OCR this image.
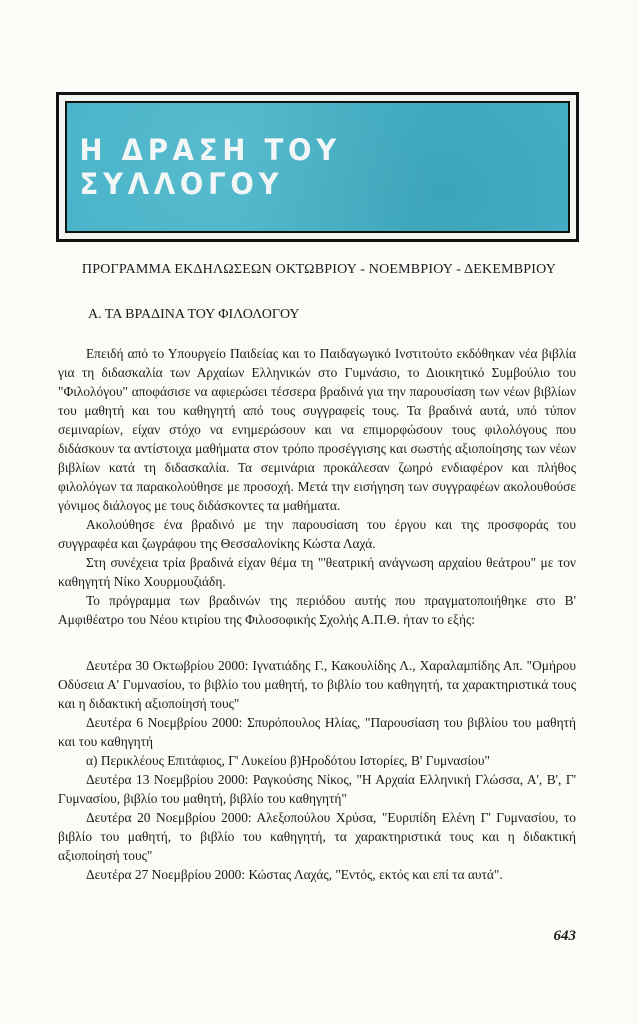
Η ΔΡΑΣΗ ΤΟΥ ΣΥΛΛΟΓΟΥ
ΠΡΟΓΡΑΜΜΑ ΕΚΔΗΛΩΣΕΩΝ ΟΚΤΩΒΡΙΟΥ - ΝΟΕΜΒΡΙΟΥ - ΔΕΚΕΜΒΡΙΟΥ
Α. ΤΑ ΒΡΑΔΙΝΑ ΤΟΥ ΦΙΛΟΛΟΓΟΥ

Επειδή από το Υπουργείο Παιδείας και το Παιδαγωγικό Ινστιτούτο εκδόθηκαν νέα βιβλία για τη διδασκαλία των Αρχαίων Ελληνικών στο Γυμνάσιο, το Διοικητικό Συμβούλιο του "Φιλολόγου" αποφάσισε να αφιερώσει τέσσερα βραδινά για την παρουσίαση των νέων βιβλίων του μαθητή και του καθηγητή από τους συγγραφείς τους. Τα βραδινά αυτά, υπό τύπον σεμιναρίων, είχαν στόχο να ενημερώσουν και να επιμορφώσουν τους φιλολόγους που διδάσκουν τα αντίστοιχα μαθήματα στον τρόπο προσέγγισης και σωστής αξιοποίησης των νέων βιβλίων κατά τη διδασκαλία. Τα σεμινάρια προκάλεσαν ζωηρό ενδιαφέρον και πλήθος φιλολόγων τα παρακολούθησε με προσοχή. Μετά την εισήγηση των συγγραφέων ακολουθούσε γόνιμος διάλογος με τους διδάσκοντες τα μαθήματα.

Ακολούθησε ένα βραδινό με την παρουσίαση του έργου και της προσφοράς του συγγραφέα και ζωγράφου της Θεσσαλονίκης Κώστα Λαχά.

Στη συνέχεια τρία βραδινά είχαν θέμα τη "'θεατρική ανάγνωση αρχαίου θεάτρου" με τον καθηγητή Νίκο Χουρμουζιάδη.

Το πρόγραμμα των βραδινών της περιόδου αυτής που πραγματοποιήθηκε στο Β' Αμφιθέατρο του Νέου κτιρίου της Φιλοσοφικής Σχολής Α.Π.Θ. ήταν το εξής:

Δευτέρα 30 Οκτωβρίου 2000: Ιγνατιάδης Γ., Κακουλίδης Λ., Χαραλαμπίδης Απ. "Ομήρου Οδύσεια Α' Γυμνασίου, το βιβλίο του μαθητή, το βιβλίο του καθηγητή, τα χαρακτηριστικά τους και η διδακτική αξιοποίησή τους"

Δευτέρα 6 Νοεμβρίου 2000: Σπυρόπουλος Ηλίας, "Παρουσίαση του βιβλίου του μαθητή και του καθηγητή

α) Περικλέους Επιτάφιος, Γ' Λυκείου β)Ηροδότου Ιστορίες, Β' Γυμνασίου"

Δευτέρα 13 Νοεμβρίου 2000: Ραγκούσης Νίκος, "Η Αρχαία Ελληνική Γλώσσα, Α', Β', Γ' Γυμνασίου, βιβλίο του μαθητή, βιβλίο του καθηγητή"

Δευτέρα 20 Νοεμβρίου 2000: Αλεξοπούλου Χρύσα, "Ευριπίδη Ελένη Γ' Γυμνασίου, το βιβλίο του μαθητή, το βιβλίο του καθηγητή, τα χαρακτηριστικά τους και η διδακτική αξιοποίησή τους"

Δευτέρα 27 Νοεμβρίου 2000: Κώστας Λαχάς, "Εντός, εκτός και επί τα αυτά".

643
